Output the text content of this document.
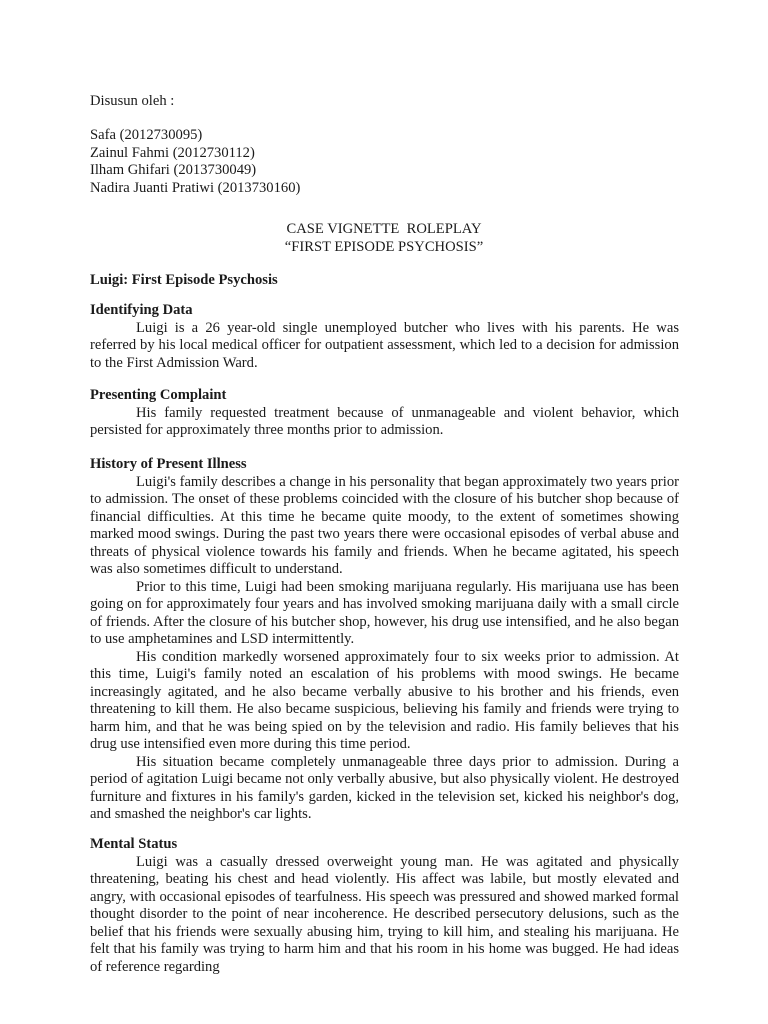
Disusun oleh :
Safa (2012730095)
Zainul Fahmi (2012730112)
Ilham Ghifari (2013730049)
Nadira Juanti Pratiwi (2013730160)
CASE VIGNETTE  ROLEPLAY
“FIRST EPISODE PSYCHOSIS”
Luigi: First Episode Psychosis
Identifying Data
Luigi is a 26 year-old single unemployed butcher who lives with his parents. He was referred by his local medical officer for outpatient assessment, which led to a decision for admission to the First Admission Ward.
Presenting Complaint
His family requested treatment because of unmanageable and violent behavior, which persisted for approximately three months prior to admission.
History of Present Illness
Luigi's family describes a change in his personality that began approximately two years prior to admission. The onset of these problems coincided with the closure of his butcher shop because of financial difficulties. At this time he became quite moody, to the extent of sometimes showing marked mood swings. During the past two years there were occasional episodes of verbal abuse and threats of physical violence towards his family and friends. When he became agitated, his speech was also sometimes difficult to understand.
Prior to this time, Luigi had been smoking marijuana regularly. His marijuana use has been going on for approximately four years and has involved smoking marijuana daily with a small circle of friends. After the closure of his butcher shop, however, his drug use intensified, and he also began to use amphetamines and LSD intermittently.
His condition markedly worsened approximately four to six weeks prior to admission. At this time, Luigi's family noted an escalation of his problems with mood swings. He became increasingly agitated, and he also became verbally abusive to his brother and his friends, even threatening to kill them. He also became suspicious, believing his family and friends were trying to harm him, and that he was being spied on by the television and radio. His family believes that his drug use intensified even more during this time period.
His situation became completely unmanageable three days prior to admission. During a period of agitation Luigi became not only verbally abusive, but also physically violent. He destroyed furniture and fixtures in his family's garden, kicked in the television set, kicked his neighbor's dog, and smashed the neighbor's car lights.
Mental Status
Luigi was a casually dressed overweight young man. He was agitated and physically threatening, beating his chest and head violently. His affect was labile, but mostly elevated and angry, with occasional episodes of tearfulness. His speech was pressured and showed marked formal thought disorder to the point of near incoherence. He described persecutory delusions, such as the belief that his friends were sexually abusing him, trying to kill him, and stealing his marijuana. He felt that his family was trying to harm him and that his room in his home was bugged. He had ideas of reference regarding
